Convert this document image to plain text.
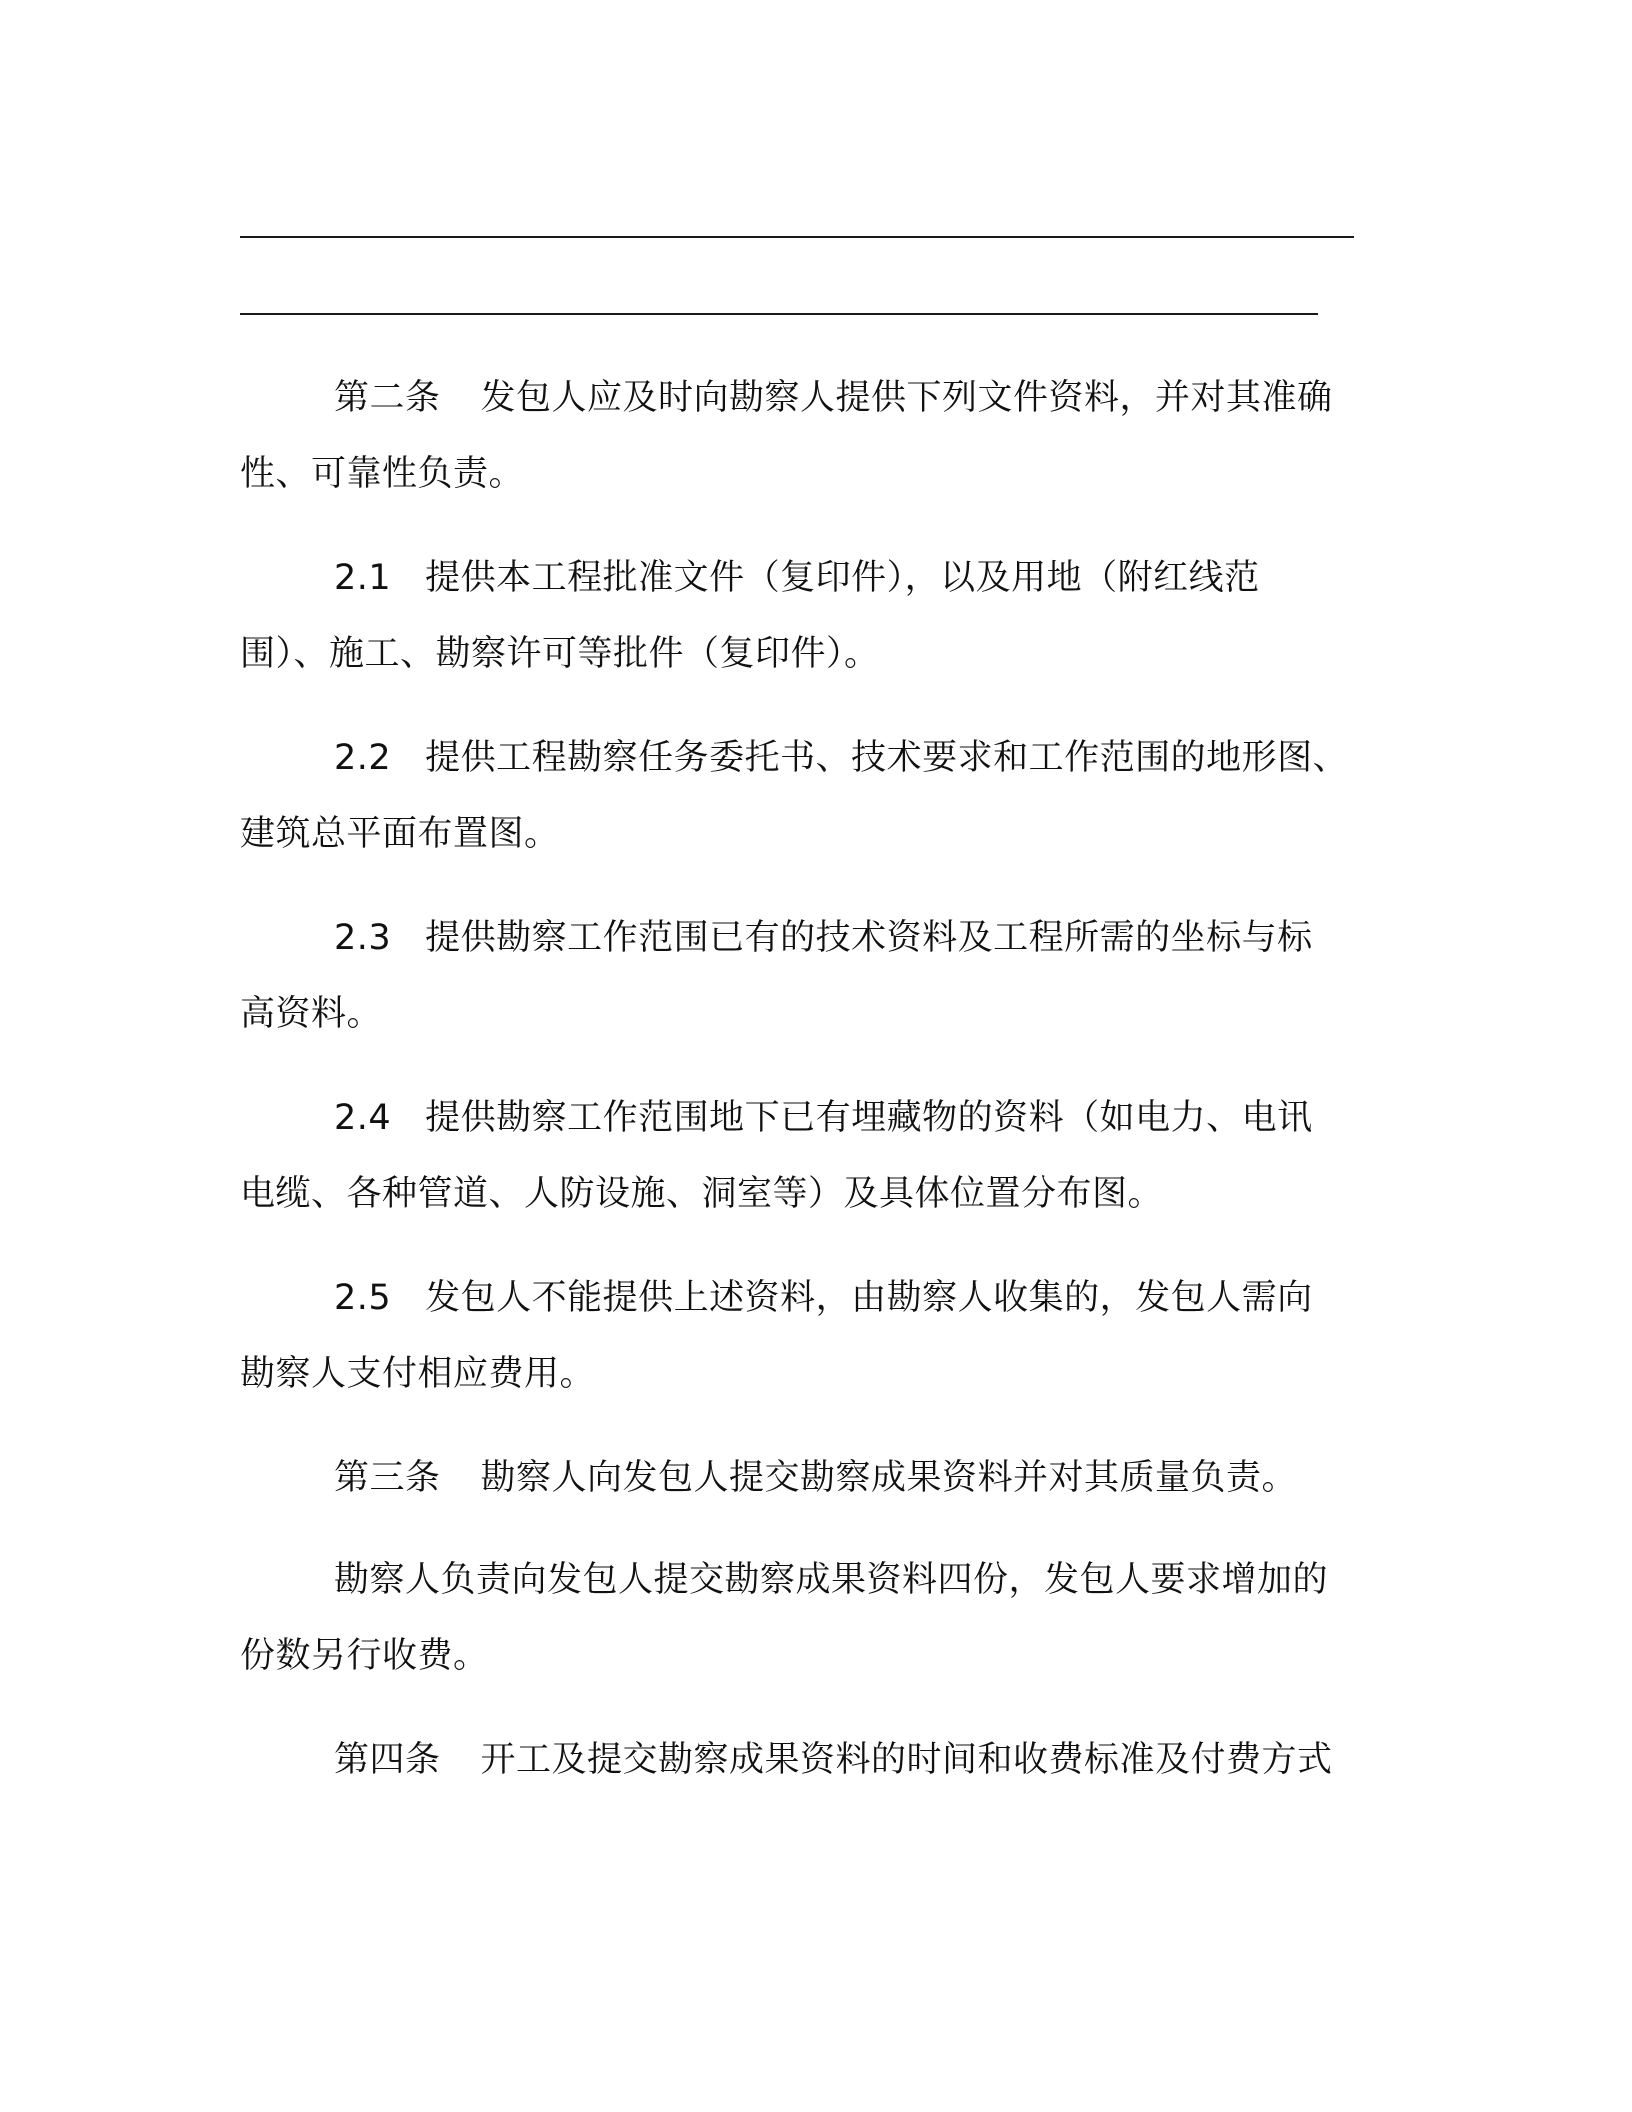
第二条 发包人应及时向勘察人提供下列文件资料，并对其准确
性、可靠性负责。
2.1 提供本工程批准文件（复印件），以及用地（附红线范
围）、施工、勘察许可等批件（复印件）。
2.2 提供工程勘察任务委托书、技术要求和工作范围的地形图、
建筑总平面布置图。
2.3 提供勘察工作范围已有的技术资料及工程所需的坐标与标
高资料。
2.4 提供勘察工作范围地下已有埋藏物的资料（如电力、电讯
电缆、各种管道、人防设施、洞室等）及具体位置分布图。
2.5 发包人不能提供上述资料，由勘察人收集的，发包人需向
勘察人支付相应费用。
第三条 勘察人向发包人提交勘察成果资料并对其质量负责。
勘察人负责向发包人提交勘察成果资料四份，发包人要求增加的
份数另行收费。
第四条 开工及提交勘察成果资料的时间和收费标准及付费方式
